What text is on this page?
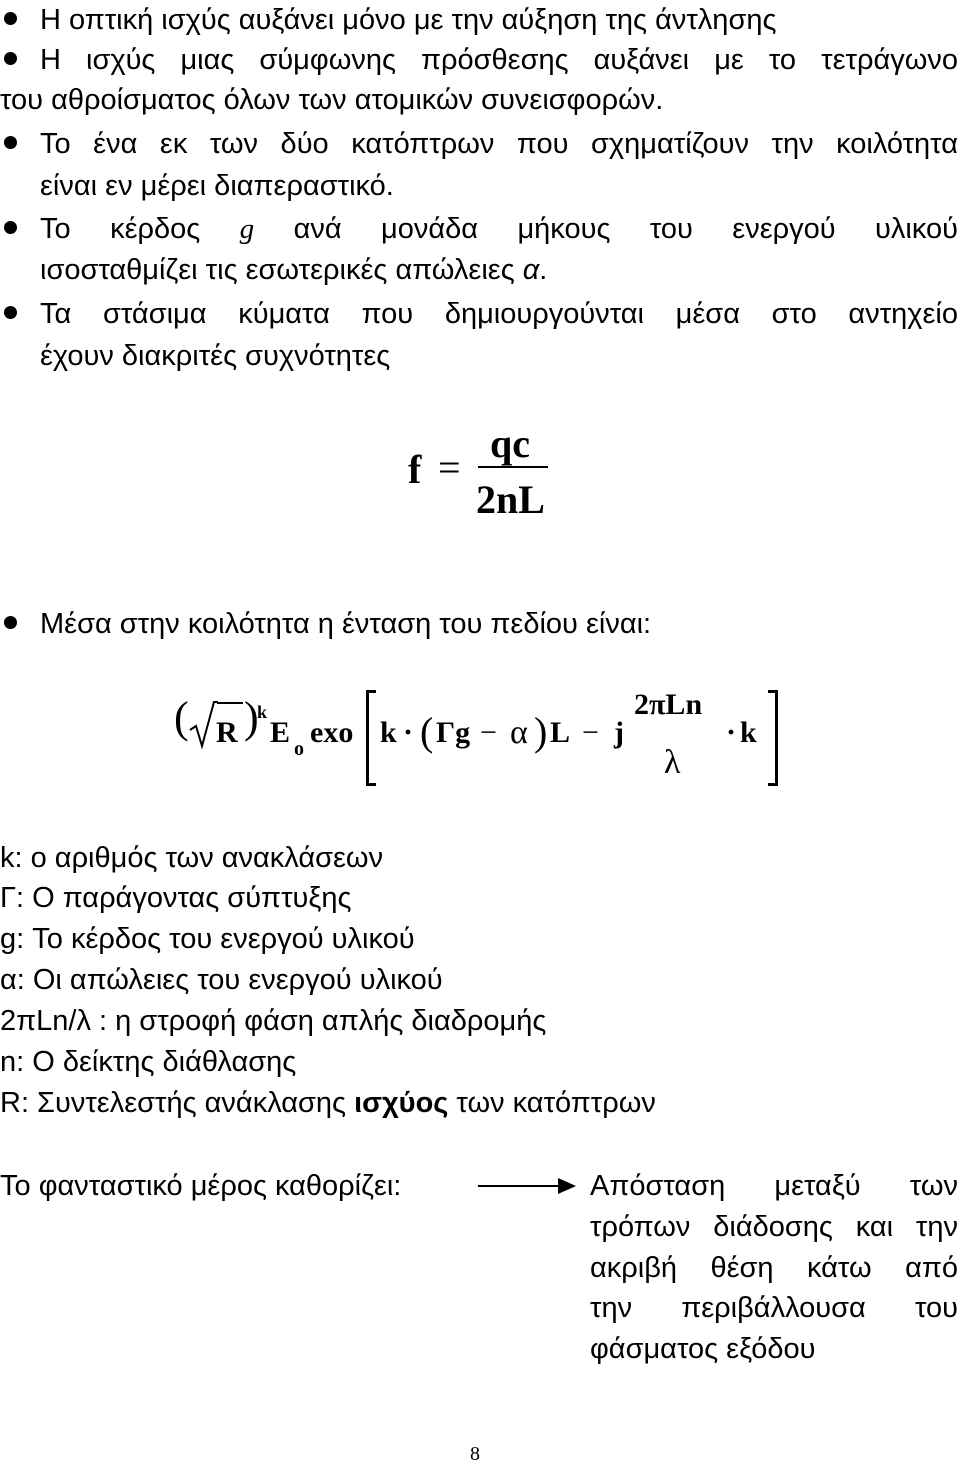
Η οπτική ισχύς αυξάνει μόνο με την αύξηση της άντλησης
Η ισχύς μιας σύμφωνης πρόσθεσης αυξάνει με το τετράγωνο
του αθροίσματος όλων των ατομικών συνεισφορών.
Το ένα εκ των δύο κατόπτρων που σχηματίζουν την κοιλότητα
είναι εν μέρει διαπεραστικό.
Το κέρδος g ανά μονάδα μήκους του ενεργού υλικού
ισοσταθμίζει τις εσωτερικές απώλειες α.
Τα στάσιμα κύματα που δημιουργούνται μέσα στο αντηχείο
έχουν διακριτές συχνότητες
f =
qc
2nL
Μέσα στην κοιλότητα η ένταση του πεδίου είναι:
( R )
k
E o exo k · ( Γg − α ) L − j
2πLn
λ
· k
k: ο αριθμός των ανακλάσεων
Γ: Ο παράγοντας σύπτυξης
g: Το κέρδος του ενεργού υλικού
α: Οι απώλειες του ενεργού υλικού
2πLn/λ : η στροφή φάση απλής διαδρομής
n: Ο δείκτης διάθλασης
R: Συντελεστής ανάκλασης ισχύος των κατόπτρων
Το φανταστικό μέρος καθορίζει:	Απόσταση μεταξύ των
τρόπων διάδοσης και την
ακριβή θέση κάτω από
την περιβάλλουσα του
φάσματος εξόδου
8
